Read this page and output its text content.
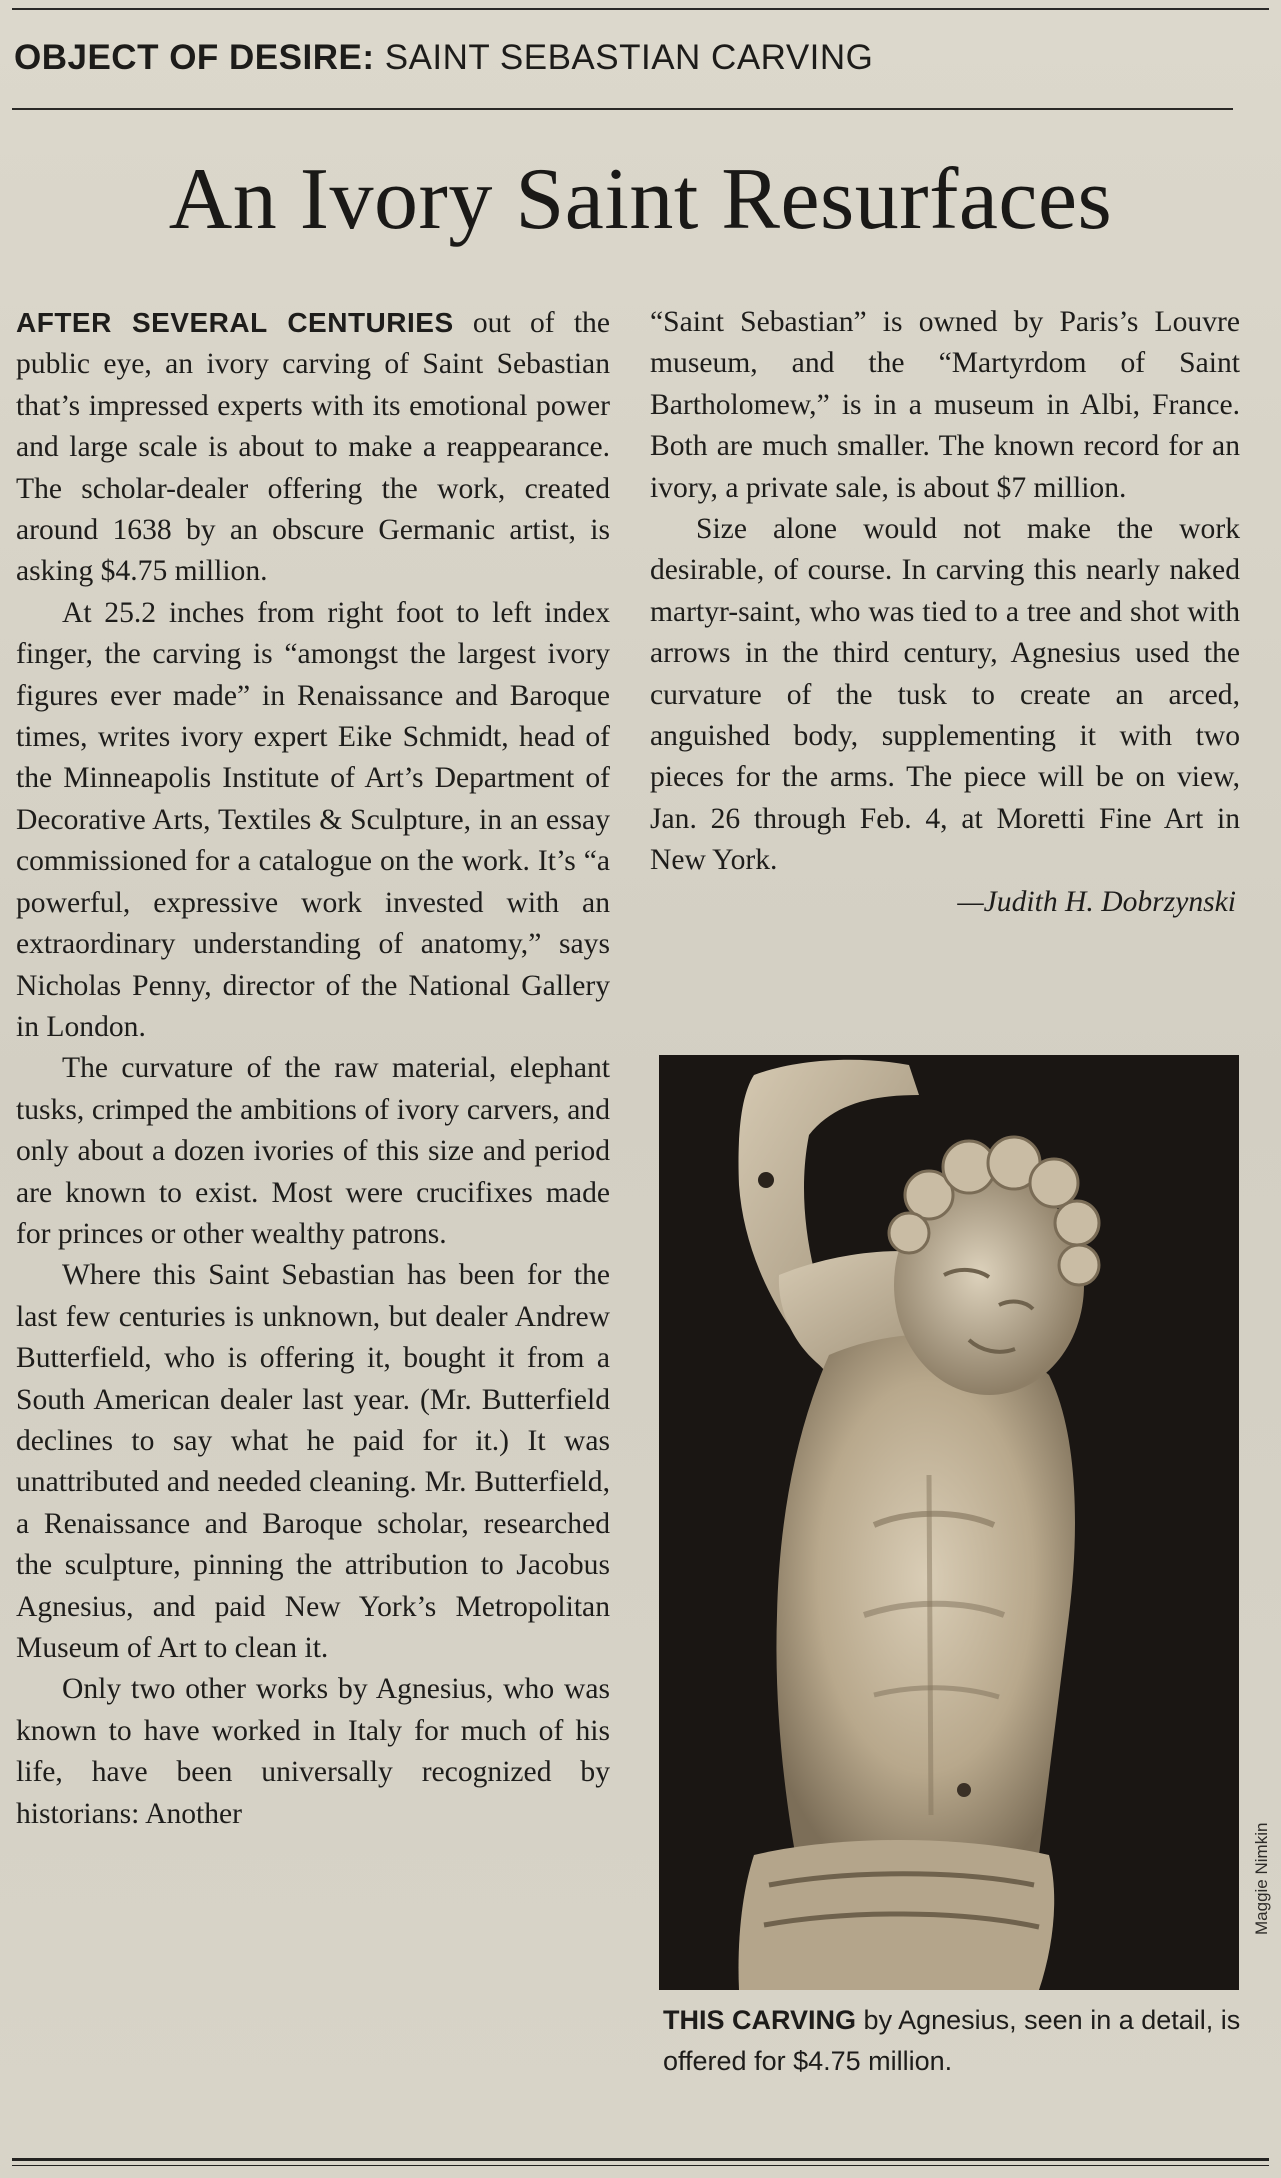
OBJECT OF DESIRE: SAINT SEBASTIAN CARVING
An Ivory Saint Resurfaces

AFTER SEVERAL CENTURIES out of the public eye, an ivory carving of Saint Sebastian that’s impressed experts with its emotional power and large scale is about to make a reappearance. The scholar-dealer offering the work, created around 1638 by an obscure Germanic artist, is asking $4.75 million.

At 25.2 inches from right foot to left index finger, the carving is “amongst the largest ivory figures ever made” in Renaissance and Baroque times, writes ivory expert Eike Schmidt, head of the Minneapolis Institute of Art’s Department of Decorative Arts, Textiles & Sculpture, in an essay commissioned for a catalogue on the work. It’s “a powerful, expressive work invested with an extraordinary understanding of anatomy,” says Nicholas Penny, director of the National Gallery in London.

The curvature of the raw material, elephant tusks, crimped the ambitions of ivory carvers, and only about a dozen ivories of this size and period are known to exist. Most were crucifixes made for princes or other wealthy patrons.

Where this Saint Sebastian has been for the last few centuries is unknown, but dealer Andrew Butterfield, who is offering it, bought it from a South American dealer last year. (Mr. Butterfield declines to say what he paid for it.) It was unattributed and needed cleaning. Mr. Butterfield, a Renaissance and Baroque scholar, researched the sculpture, pinning the attribution to Jacobus Agnesius, and paid New York’s Metropolitan Museum of Art to clean it.

Only two other works by Agnesius, who was known to have worked in Italy for much of his life, have been universally recognized by historians: Another

“Saint Sebastian” is owned by Paris’s Louvre museum, and the “Martyrdom of Saint Bartholomew,” is in a museum in Albi, France. Both are much smaller. The known record for an ivory, a private sale, is about $7 million.

Size alone would not make the work desirable, of course. In carving this nearly naked martyr-saint, who was tied to a tree and shot with arrows in the third century, Agnesius used the curvature of the tusk to create an arced, anguished body, supplementing it with two pieces for the arms. The piece will be on view, Jan. 26 through Feb. 4, at Moretti Fine Art in New York.

—Judith H. Dobrzynski

Maggie Nimkin
THIS CARVING by Agnesius, seen in a detail, is offered for $4.75 million.
